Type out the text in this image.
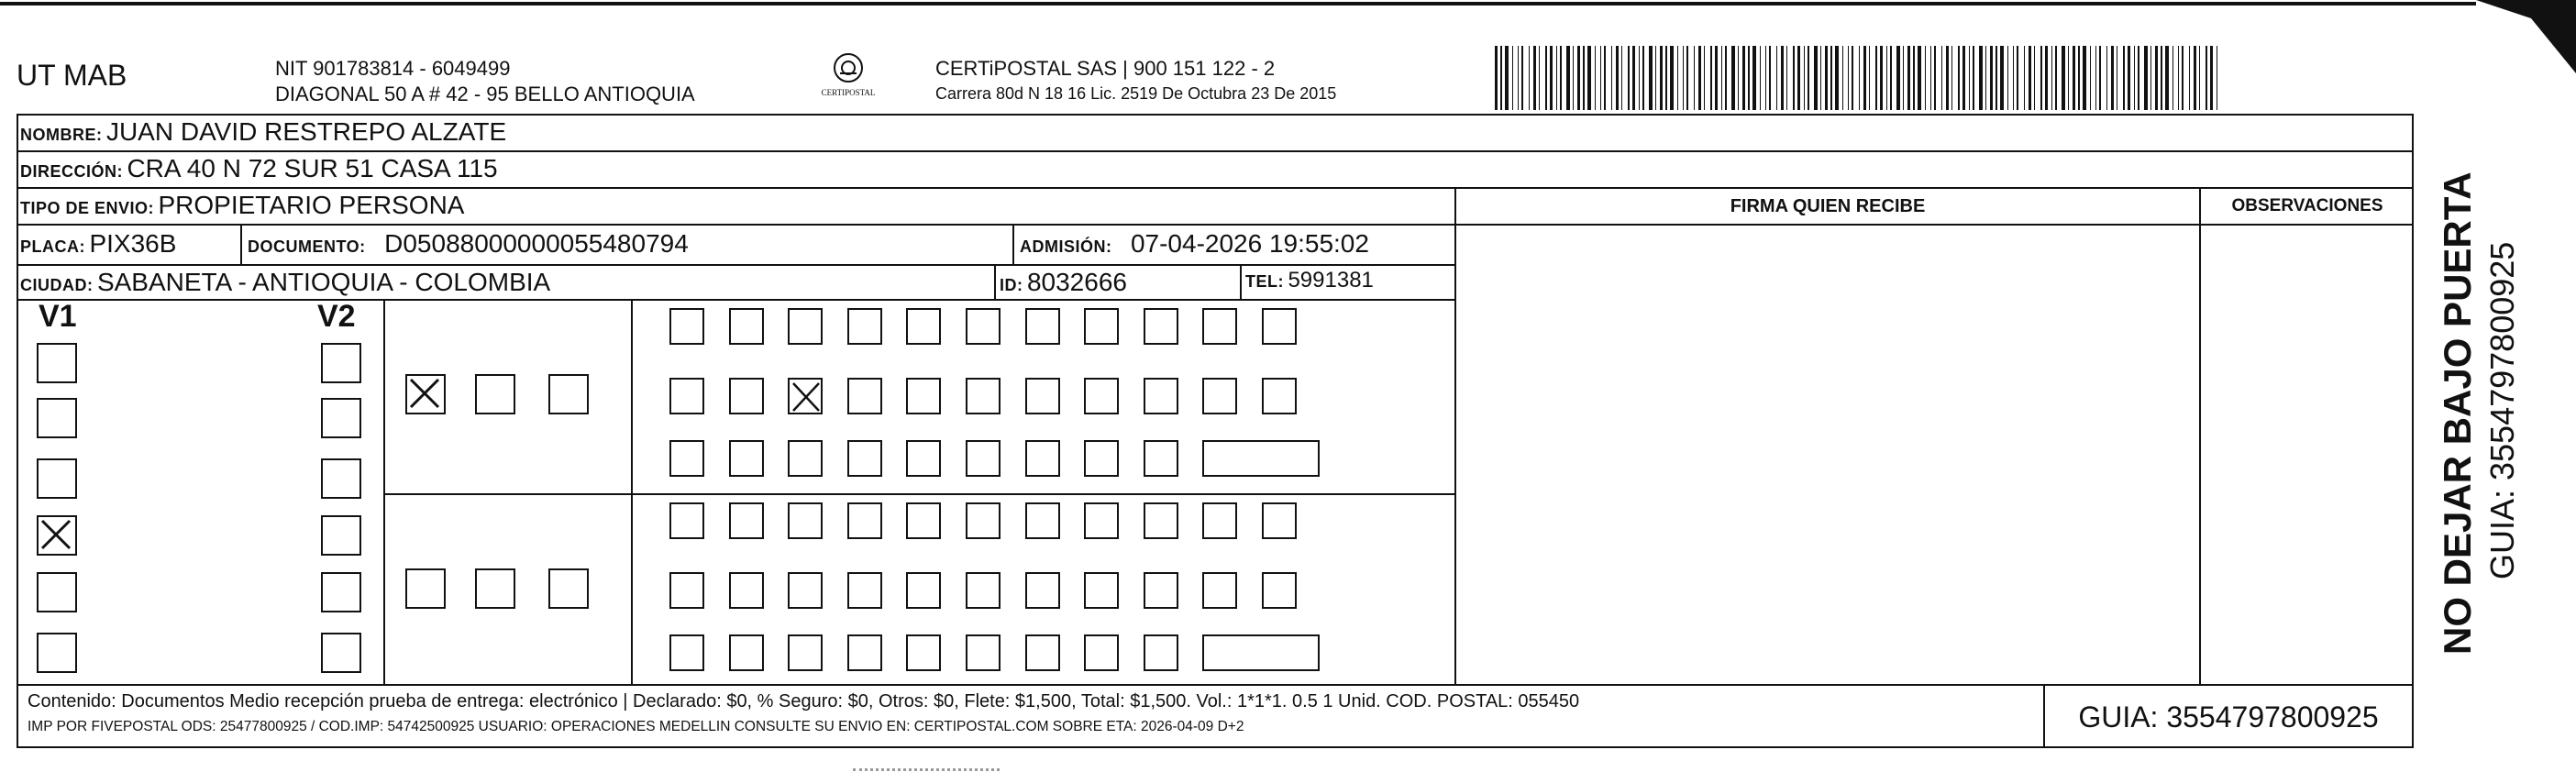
UT MAB	NIT 901783814 - 6049499
DIAGONAL 50 A # 42 - 95 BELLO ANTIOQUIA	CERTIPOSTAL
CERTiPOSTAL SAS | 900 151 122 - 2
Carrera 80d N 18 16 Lic. 2519 De Octubra 23 De 2015
NOMBRE: JUAN DAVID RESTREPO ALZATE
DIRECCIÓN: CRA 40 N 72 SUR 51 CASA 115
TIPO DE ENVIO: PROPIETARIO PERSONA
PLACA: PIX36B	DOCUMENTO: D05088000000055480794	ADMISIÓN: 07-04-2026 19:55:02
CIUDAD: SABANETA - ANTIOQUIA - COLOMBIA	ID: 8032666	TEL: 5991381
FIRMA QUIEN RECIBE	OBSERVACIONES
V1	V2
Contenido: Documentos Medio recepción prueba de entrega: electrónico | Declarado: $0, % Seguro: $0, Otros: $0, Flete: $1,500, Total: $1,500. Vol.: 1*1*1. 0.5 1 Unid. COD. POSTAL: 055450
IMP POR FIVEPOSTAL ODS: 25477800925 / COD.IMP: 54742500925 USUARIO: OPERACIONES MEDELLIN CONSULTE SU ENVIO EN: CERTIPOSTAL.COM SOBRE ETA: 2026-04-09 D+2	GUIA: 3554797800925
NO DEJAR BAJO PUERTA GUIA: 3554797800925
